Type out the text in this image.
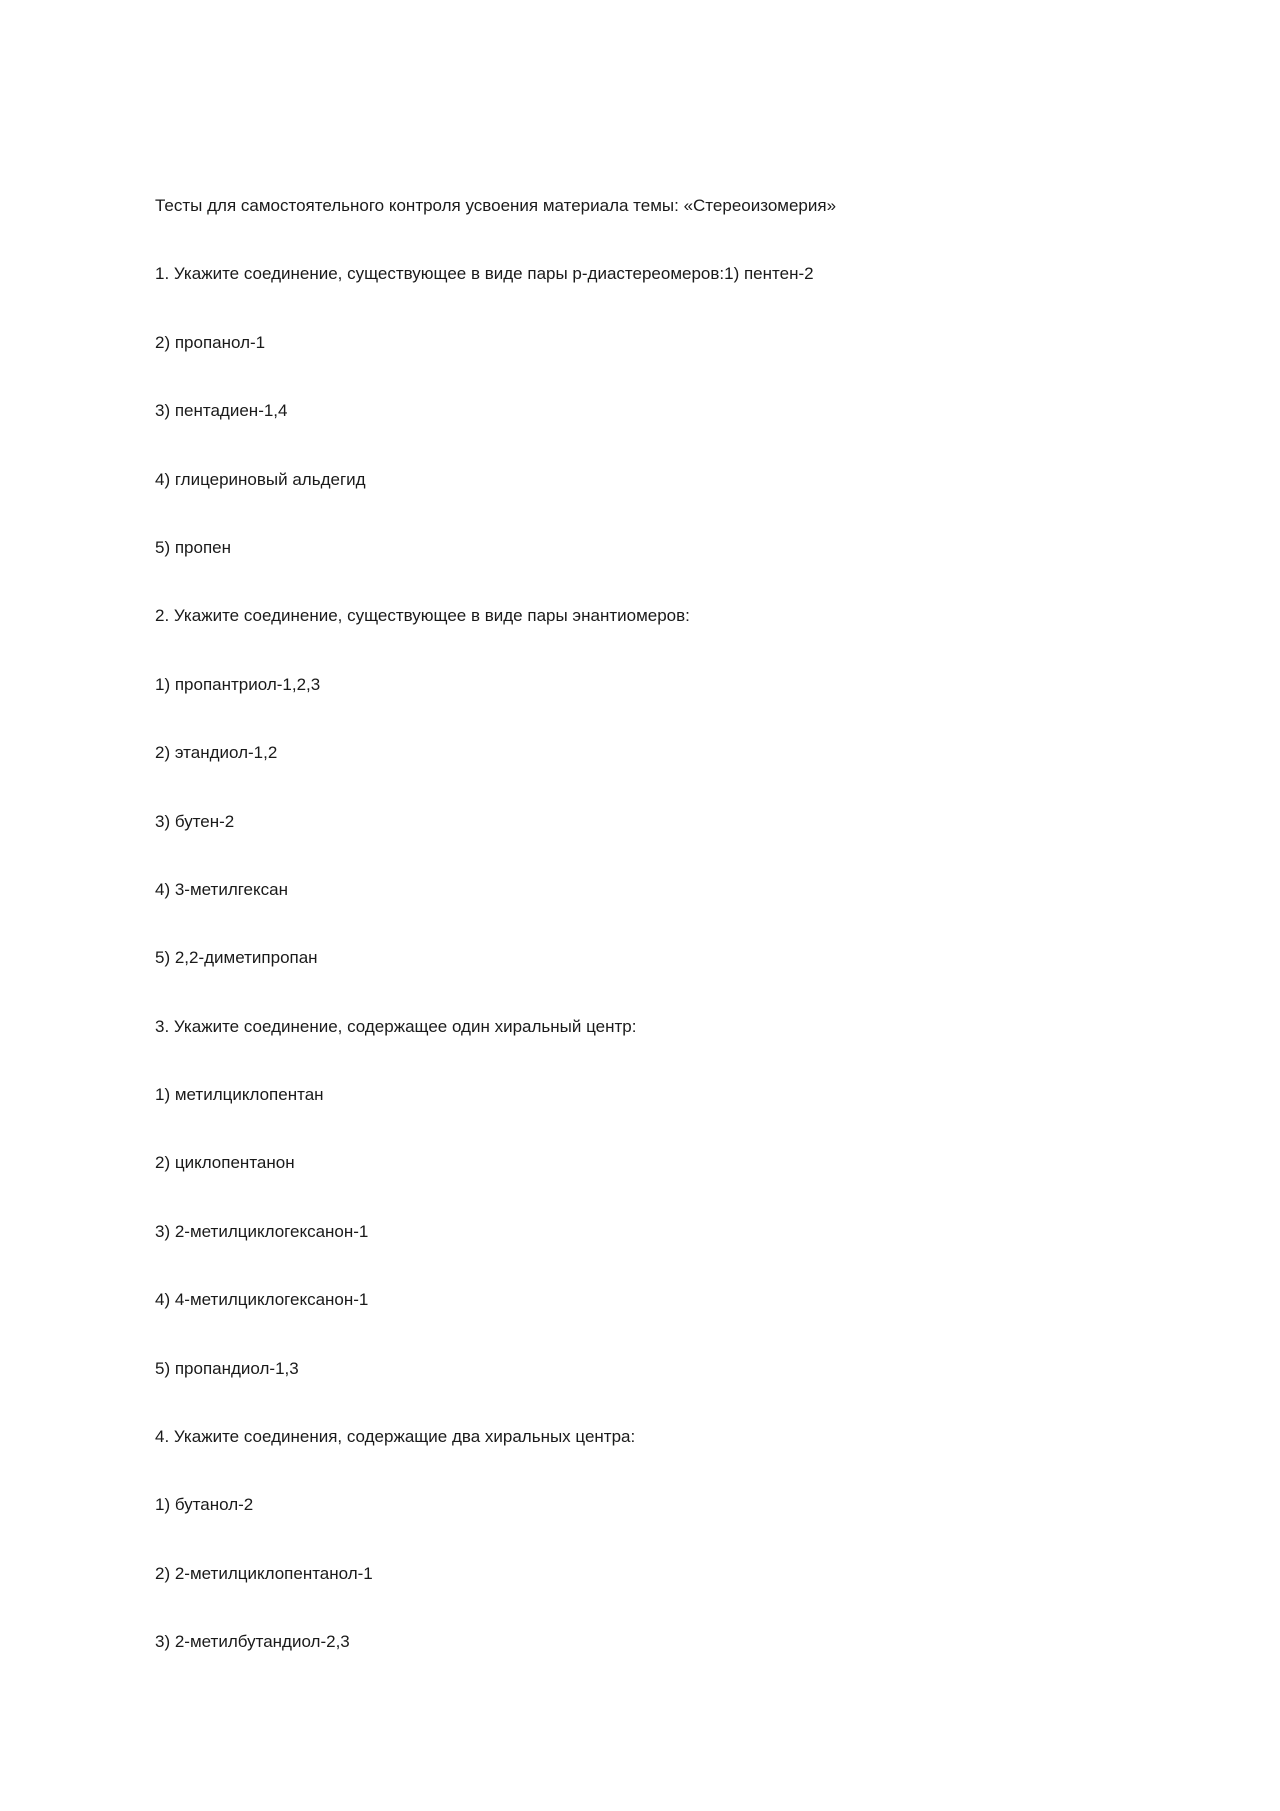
Тесты для самостоятельного контроля усвоения материала темы: «Стереоизомерия»
1. Укажите соединение, существующее в виде пары р-диастереомеров:1) пентен-2
2) пропанол-1
3) пентадиен-1,4
4) глицериновый альдегид
5) пропен
2. Укажите соединение, существующее в виде пары энантиомеров:
1) пропантриол-1,2,3
2) этандиол-1,2
3) бутен-2
4) 3-метилгексан
5) 2,2-диметипропан
3. Укажите соединение, содержащее один хиральный центр:
1) метилциклопентан
2) циклопентанон
3) 2-метилциклогексанон-1
4) 4-метилциклогексанон-1
5) пропандиол-1,3
4. Укажите соединения, содержащие два хиральных центра:
1) бутанол-2
2) 2-метилциклопентанол-1
3) 2-метилбутандиол-2,3
